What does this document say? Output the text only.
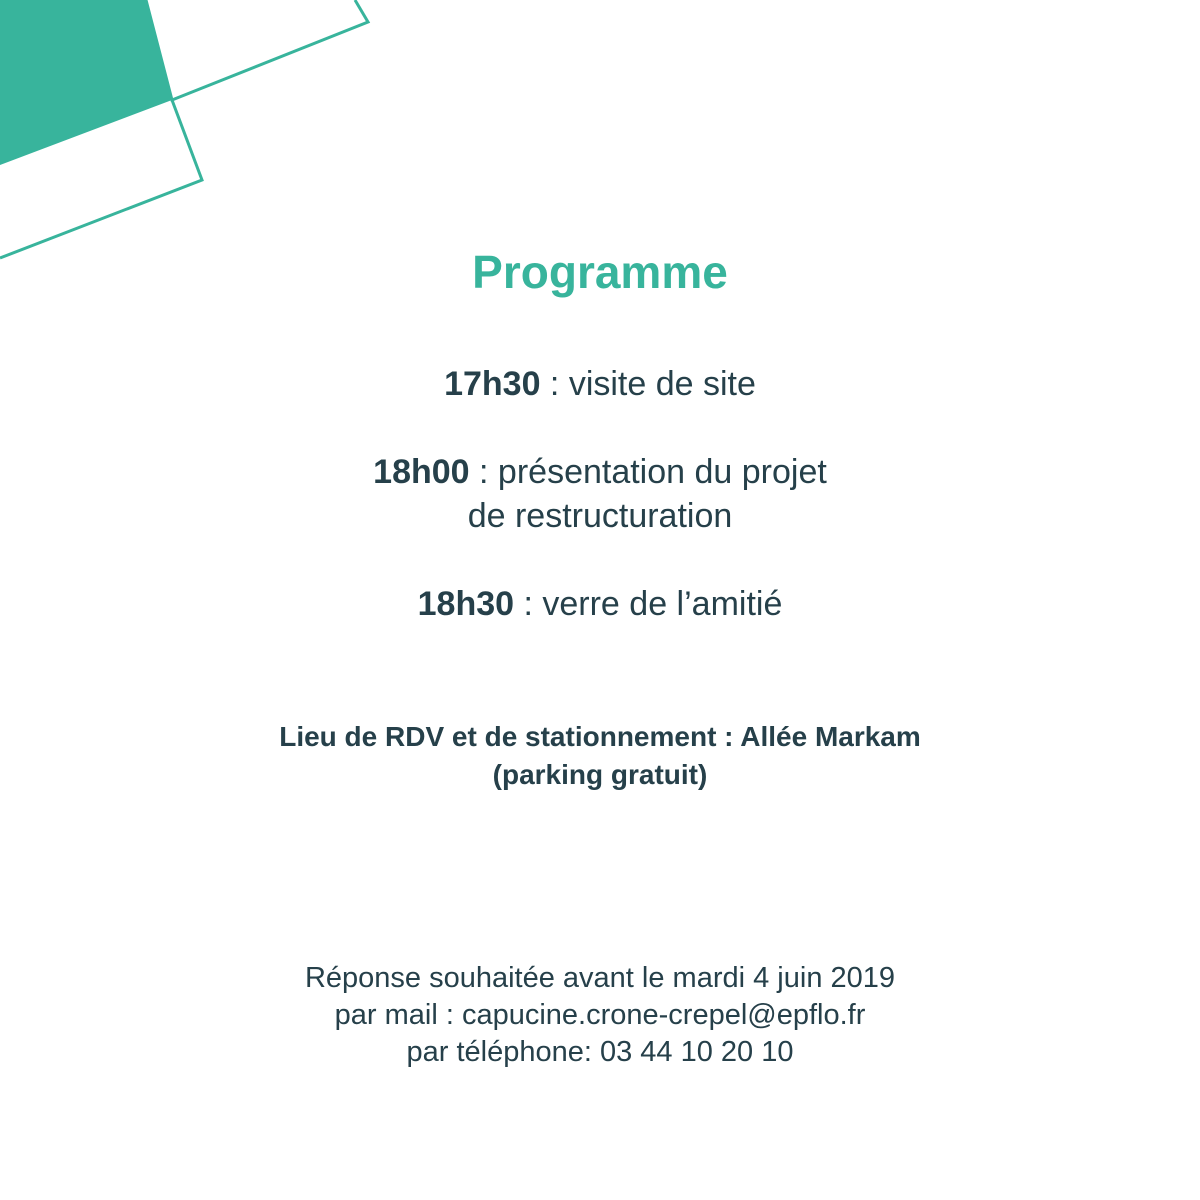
Programme
17h30 : visite de site
18h00 : présentation du projet
de restructuration
18h30 : verre de l’amitié
Lieu de RDV et de stationnement : Allée Markam
(parking gratuit)
Réponse souhaitée avant le mardi 4 juin 2019
par mail : capucine.crone-crepel@epflo.fr
par téléphone: 03 44 10 20 10
